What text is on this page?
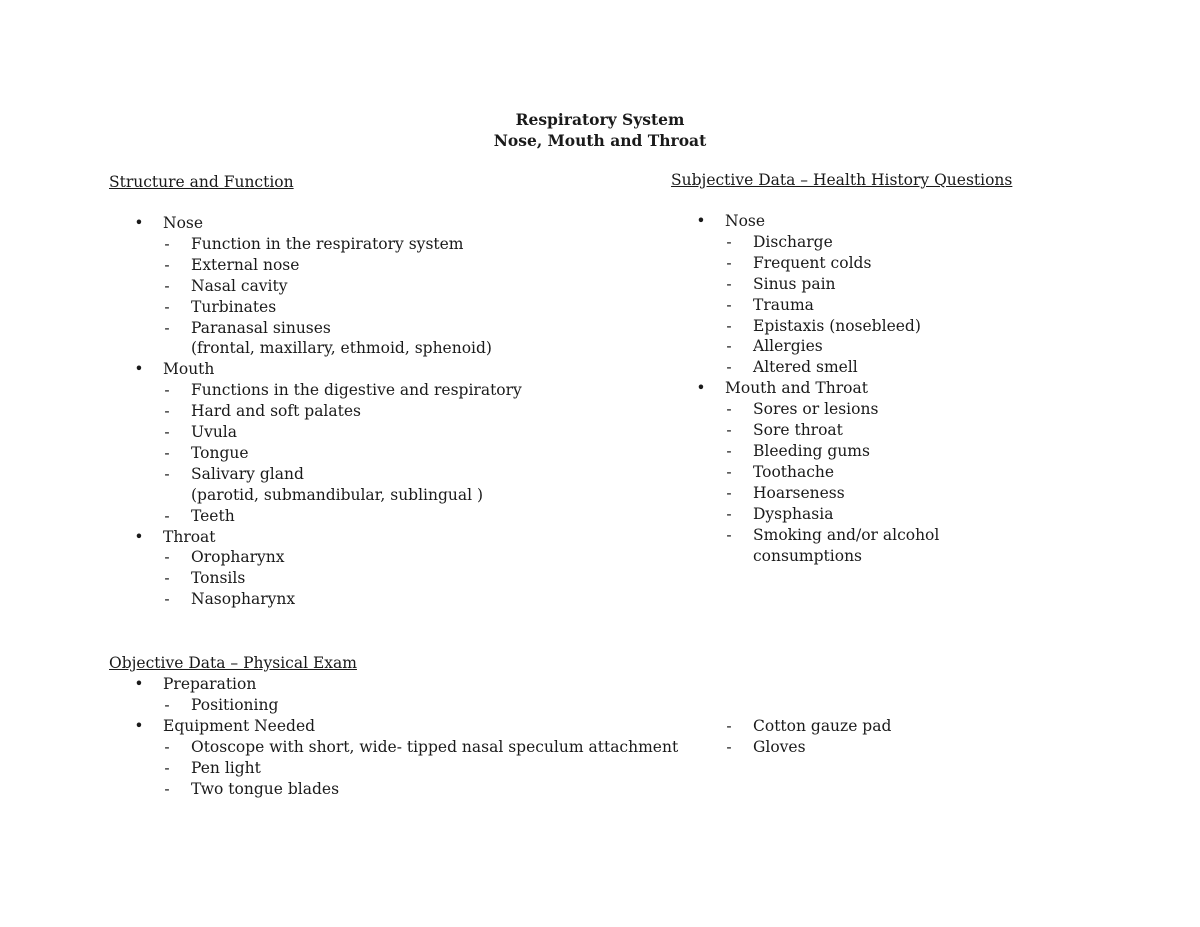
Respiratory System
Nose, Mouth and Throat
Structure and Function
• Nose
- Function in the respiratory system
- External nose
- Nasal cavity
- Turbinates
- Paranasal sinuses
(frontal, maxillary, ethmoid, sphenoid)
• Mouth
- Functions in the digestive and respiratory
- Hard and soft palates
- Uvula
- Tongue
- Salivary gland
(parotid, submandibular, sublingual )
- Teeth
• Throat
- Oropharynx
- Tonsils
- Nasopharynx
Subjective Data – Health History Questions
• Nose
- Discharge
- Frequent colds
- Sinus pain
- Trauma
- Epistaxis (nosebleed)
- Allergies
- Altered smell
• Mouth and Throat
- Sores or lesions
- Sore throat
- Bleeding gums
- Toothache
- Hoarseness
- Dysphasia
- Smoking and/or alcohol
consumptions
Objective Data – Physical Exam
• Preparation
- Positioning
• Equipment Needed
- Otoscope with short, wide- tipped nasal speculum attachment
- Pen light
- Two tongue blades
- Cotton gauze pad
- Gloves
